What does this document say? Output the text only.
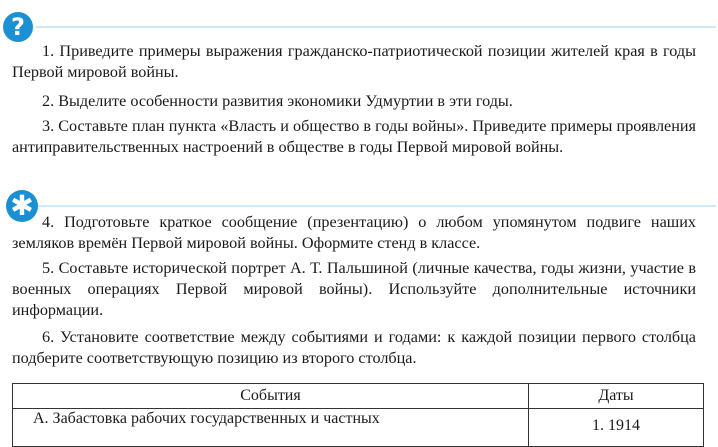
?

1. Приведите примеры выражения гражданско-патриотической позиции жителей края в годы Первой мировой войны.

2. Выделите особенности развития экономики Удмуртии в эти годы.

3. Составьте план пункта «Власть и общество в годы войны». Приведите примеры проявления антиправительственных настроений в обществе в годы Первой мировой войны.

✱ 4. Подготовьте краткое сообщение (презентацию) о любом упомянутом подвиге наших земляков времён Первой мировой войны. Оформите стенд в классе.

5. Составьте исторической портрет А. Т. Пальшиной (личные качества, годы жизни, участие в военных операциях Первой мировой войны). Используйте дополнительные источники информации.

6. Установите соответствие между событиями и годами: к каждой позиции первого столбца подберите соответствующую позицию из второго столбца.

События	Даты
А. Забастовка рабочих государственных и частных	1. 1914
